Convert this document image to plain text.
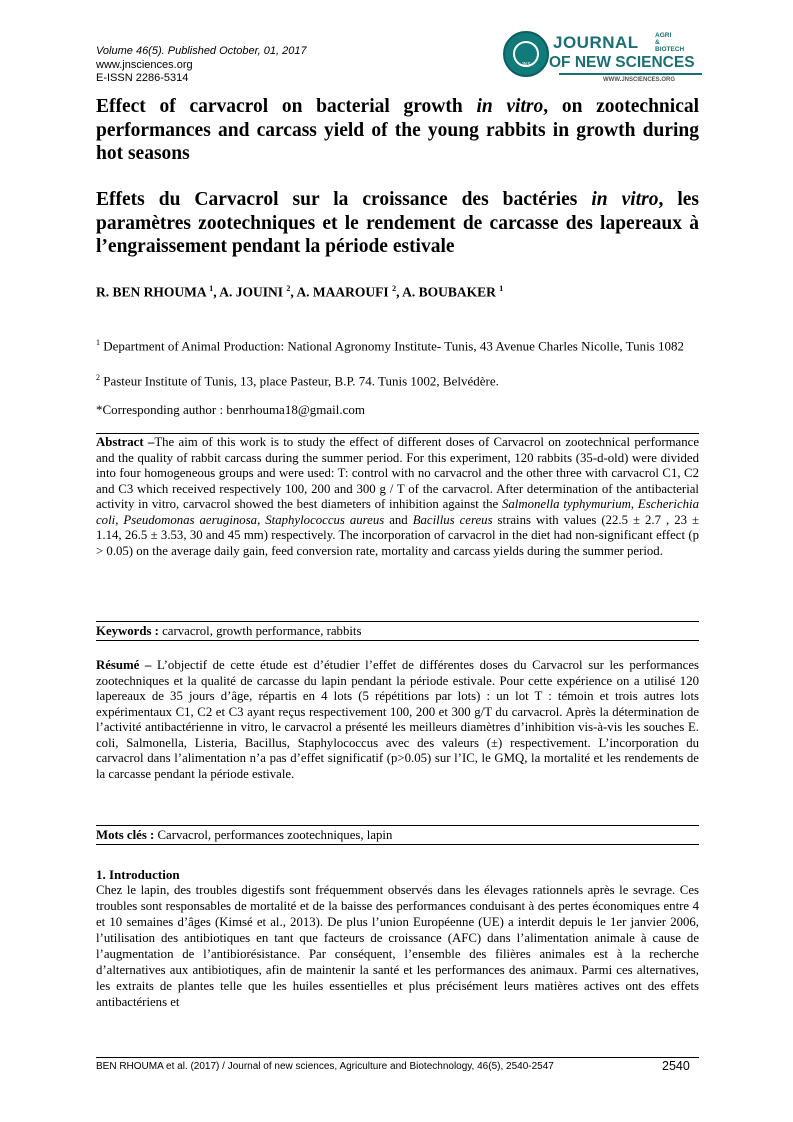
Volume 46(5). Published October, 01, 2017
www.jnsciences.org
E-ISSN 2286-5314
JNS
JOURNAL	AGRI
&
BIOTECH
OF NEW SCIENCES
WWW.JNSCIENCES.ORG
Effect of carvacrol on bacterial growth in vitro, on zootechnical performances and carcass yield of the young rabbits in growth during hot seasons
Effets du Carvacrol sur la croissance des bactéries in vitro, les paramètres zootechniques et le rendement de carcasse des lapereaux à l’engraissement pendant la période estivale
R. BEN RHOUMA $^1$, A. JOUINI $^2$, A. MAAROUFI $^2$, A. BOUBAKER $^1$
$^1$ Department of Animal Production: National Agronomy Institute- Tunis, 43 Avenue Charles Nicolle, Tunis 1082
$^2$ Pasteur Institute of Tunis, 13, place Pasteur, B.P. 74. Tunis 1002, Belvédère.
*Corresponding author : benrhouma18@gmail.com
Abstract –The aim of this work is to study the effect of different doses of Carvacrol on zootechnical performance and the quality of rabbit carcass during the summer period. For this experiment, 120 rabbits (35-d-old) were divided into four homogeneous groups and were used: T: control with no carvacrol and the other three with carvacrol C1, C2 and C3 which received respectively 100, 200 and 300 g / T of the carvacrol. After determination of the antibacterial activity in vitro, carvacrol showed the best diameters of inhibition against the Salmonella typhymurium, Escherichia coli, Pseudomonas aeruginosa, Staphylococcus aureus and Bacillus cereus strains with values (22.5 ± 2.7 , 23 ± 1.14, 26.5 ± 3.53, 30 and 45 mm) respectively. The incorporation of carvacrol in the diet had non-significant effect (p > 0.05) on the average daily gain, feed conversion rate, mortality and carcass yields during the summer period.
Keywords : carvacrol, growth performance, rabbits
Résumé – L’objectif de cette étude est d’étudier l’effet de différentes doses du Carvacrol sur les performances zootechniques et la qualité de carcasse du lapin pendant la période estivale. Pour cette expérience on a utilisé 120 lapereaux de 35 jours d’âge, répartis en 4 lots (5 répétitions par lots) : un lot T : témoin et trois autres lots expérimentaux C1, C2 et C3 ayant reçus respectivement 100, 200 et 300 g/T du carvacrol. Après la détermination de l’activité antibactérienne in vitro, le carvacrol a présenté les meilleurs diamètres d’inhibition vis-à-vis les souches E. coli, Salmonella, Listeria, Bacillus, Staphylococcus avec des valeurs (±) respectivement. L’incorporation du carvacrol dans l’alimentation n’a pas d’effet significatif (p>0.05) sur l’IC, le GMQ, la mortalité et les rendements de la carcasse pendant la période estivale.
Mots clés : Carvacrol, performances zootechniques, lapin
1. Introduction
Chez le lapin, des troubles digestifs sont fréquemment observés dans les élevages rationnels après le sevrage. Ces troubles sont responsables de mortalité et de la baisse des performances conduisant à des pertes économiques entre 4 et 10 semaines d’âges (Kimsé et al., 2013). De plus l’union Européenne (UE) a interdit depuis le 1er janvier 2006, l’utilisation des antibiotiques en tant que facteurs de croissance (AFC) dans l’alimentation animale à cause de l’augmentation de l’antibiorésistance. Par conséquent, l’ensemble des filières animales est à la recherche d’alternatives aux antibiotiques, afin de maintenir la santé et les performances des animaux. Parmi ces alternatives, les extraits de plantes telle que les huiles essentielles et plus précisément leurs matières actives ont des effets antibactériens et
BEN RHOUMA et al. (2017) / Journal of new sciences, Agriculture and Biotechnology, 46(5), 2540-2547	2540
